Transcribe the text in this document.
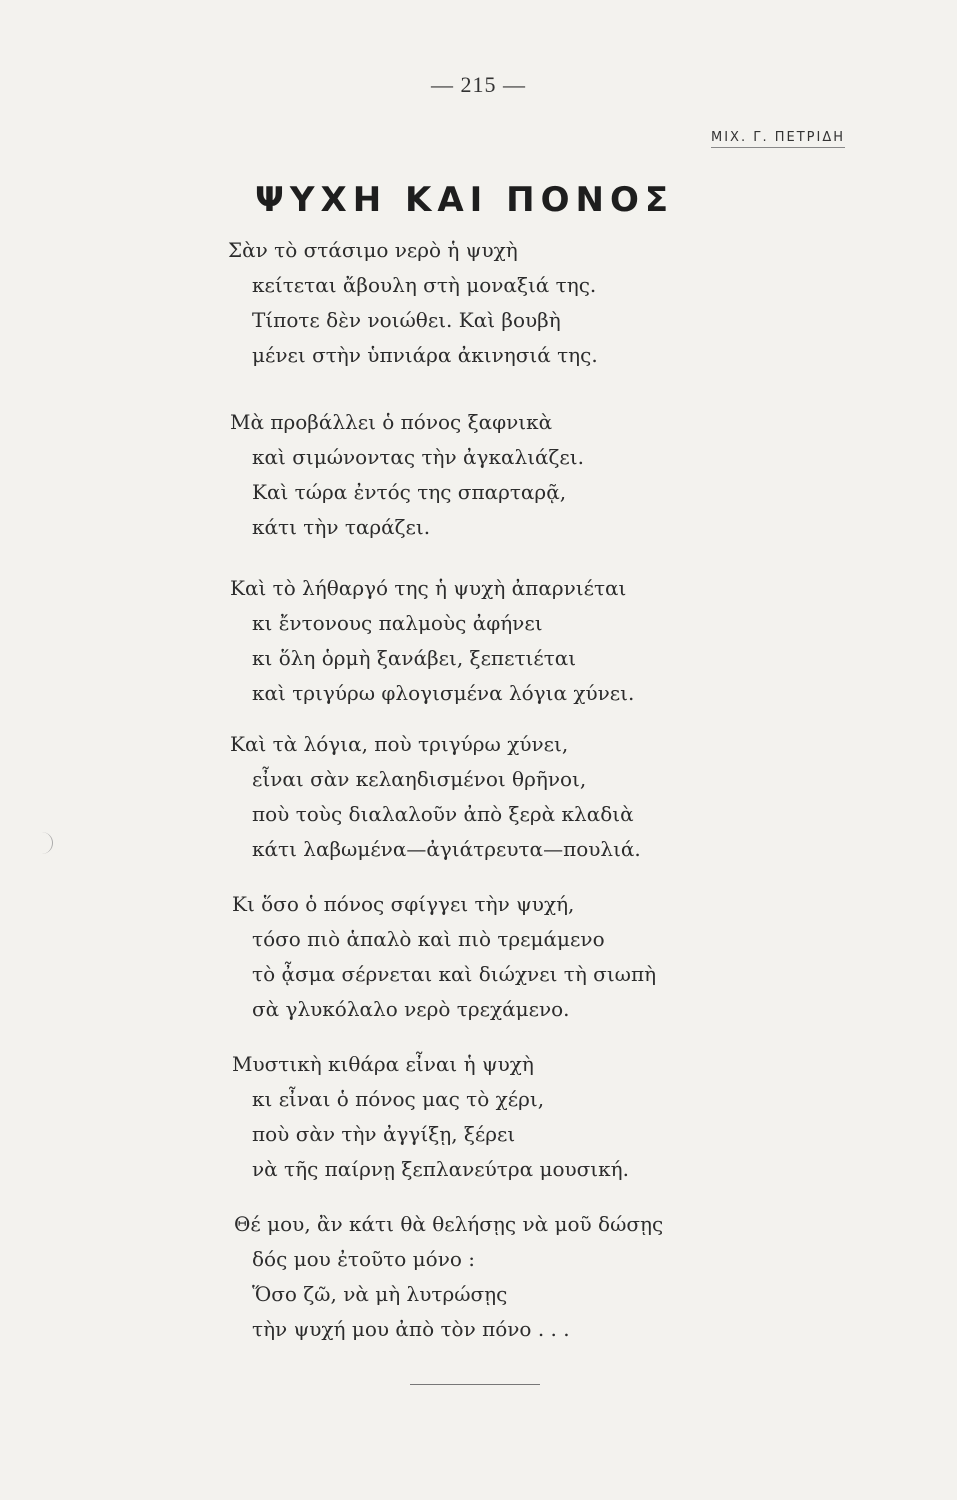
— 215 —
ΜΙΧ. Γ. ΠΕΤΡΙΔΗ
ΨΥΧΗ ΚΑΙ ΠΟΝΟΣ
Σὰν τὸ στάσιμο νερὸ ἡ ψυχὴ
κείτεται ἄβουλη στὴ μοναξιά της.
Τίποτε δὲν νοιώθει. Καὶ βουβὴ
μένει στὴν ὑπνιάρα ἀκινησιά της.
Μὰ προβάλλει ὁ πόνος ξαφνικὰ
καὶ σιμώνοντας τὴν ἀγκαλιάζει.
Καὶ τώρα ἐντός της σπαρταρᾷ,
κάτι τὴν ταράζει.
Καὶ τὸ λήθαργό της ἡ ψυχὴ ἀπαρνιέται
κι ἔντονους παλμοὺς ἀφήνει
κι ὅλη ὁρμὴ ξανάβει, ξεπετιέται
καὶ τριγύρω φλογισμένα λόγια χύνει.
Καὶ τὰ λόγια, ποὺ τριγύρω χύνει,
εἶναι σὰν κελαηδισμένοι θρῆνοι,
ποὺ τοὺς διαλαλοῦν ἀπὸ ξερὰ κλαδιὰ
κάτι λαβωμένα—ἀγιάτρευτα—πουλιά.
Κι ὅσο ὁ πόνος σφίγγει τὴν ψυχή,
τόσο πιὸ ἁπαλὸ καὶ πιὸ τρεμάμενο
τὸ ᾆσμα σέρνεται καὶ διώχνει τὴ σιωπὴ
σὰ γλυκόλαλο νερὸ τρεχάμενο.
Μυστικὴ κιθάρα εἶναι ἡ ψυχὴ
κι εἶναι ὁ πόνος μας τὸ χέρι,
ποὺ σὰν τὴν ἀγγίξῃ, ξέρει
νὰ τῆς παίρνῃ ξεπλανεύτρα μουσική.
Θέ μου, ἂν κάτι θὰ θελήσῃς νὰ μοῦ δώσῃς
δός μου ἐτοῦτο μόνο :
Ὅσο ζῶ, νὰ μὴ λυτρώσῃς
τὴν ψυχή μου ἀπὸ τὸν πόνο . . .
